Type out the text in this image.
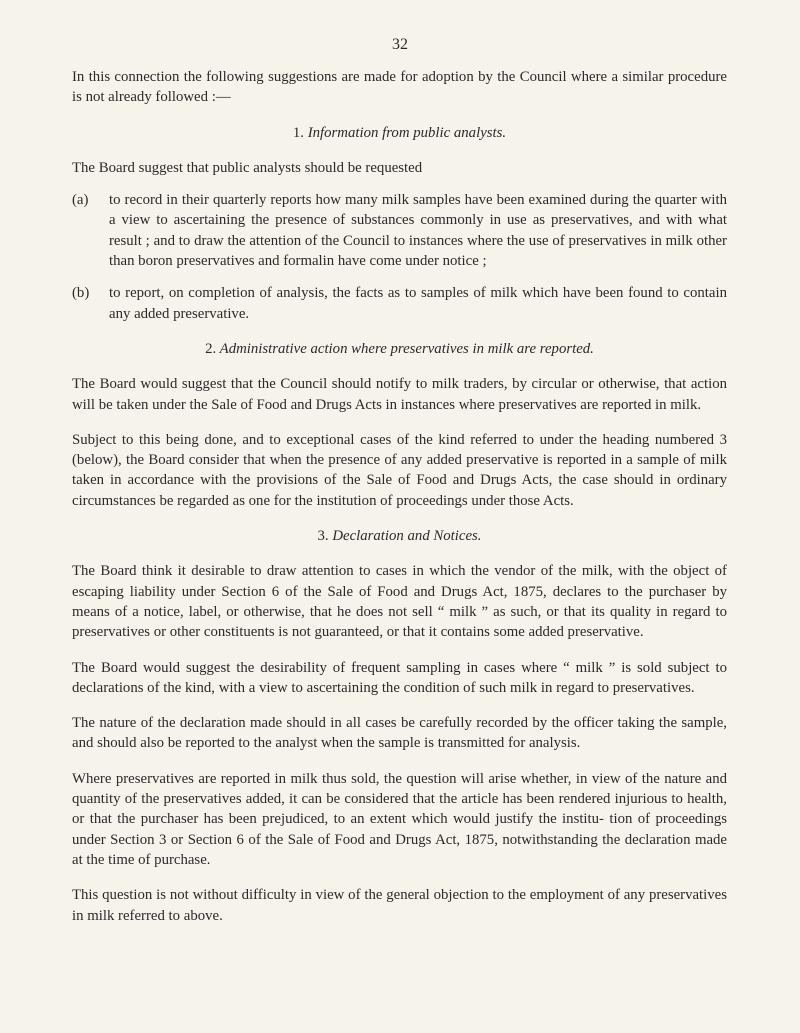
32

In this connection the following suggestions are made for adoption by the Council where a similar procedure is not already followed :—

1. Information from public analysts.

The Board suggest that public analysts should be requested

(a)	to record in their quarterly reports how many milk samples have been examined during the quarter with a view to ascertaining the presence of substances commonly in use as preservatives, and with what result ; and to draw the attention of the Council to instances where the use of preservatives in milk other than boron preservatives and formalin have come under notice ;
(b)	to report, on completion of analysis, the facts as to samples of milk which have been found to contain any added preservative.

2. Administrative action where preservatives in milk are reported.

The Board would suggest that the Council should notify to milk traders, by circular or otherwise, that action will be taken under the Sale of Food and Drugs Acts in instances where preservatives are reported in milk.

Subject to this being done, and to exceptional cases of the kind referred to under the heading numbered 3 (below), the Board consider that when the presence of any added preservative is reported in a sample of milk taken in accordance with the provisions of the Sale of Food and Drugs Acts, the case should in ordinary circumstances be regarded as one for the institution of proceedings under those Acts.

3. Declaration and Notices.

The Board think it desirable to draw attention to cases in which the vendor of the milk, with the object of escaping liability under Section 6 of the Sale of Food and Drugs Act, 1875, declares to the purchaser by means of a notice, label, or otherwise, that he does not sell “ milk ” as such, or that its quality in regard to preservatives or other constituents is not guaranteed, or that it contains some added preservative.

The Board would suggest the desirability of frequent sampling in cases where “ milk ” is sold subject to declarations of the kind, with a view to ascertaining the condition of such milk in regard to preservatives.

The nature of the declaration made should in all cases be carefully recorded by the officer taking the sample, and should also be reported to the analyst when the sample is transmitted for analysis.

Where preservatives are reported in milk thus sold, the question will arise whether, in view of the nature and quantity of the preservatives added, it can be considered that the article has been rendered injurious to health, or that the purchaser has been prejudiced, to an extent which would justify the institu- tion of proceedings under Section 3 or Section 6 of the Sale of Food and Drugs Act, 1875, notwithstanding the declaration made at the time of purchase.

This question is not without difficulty in view of the general objection to the employment of any preservatives in milk referred to above.
